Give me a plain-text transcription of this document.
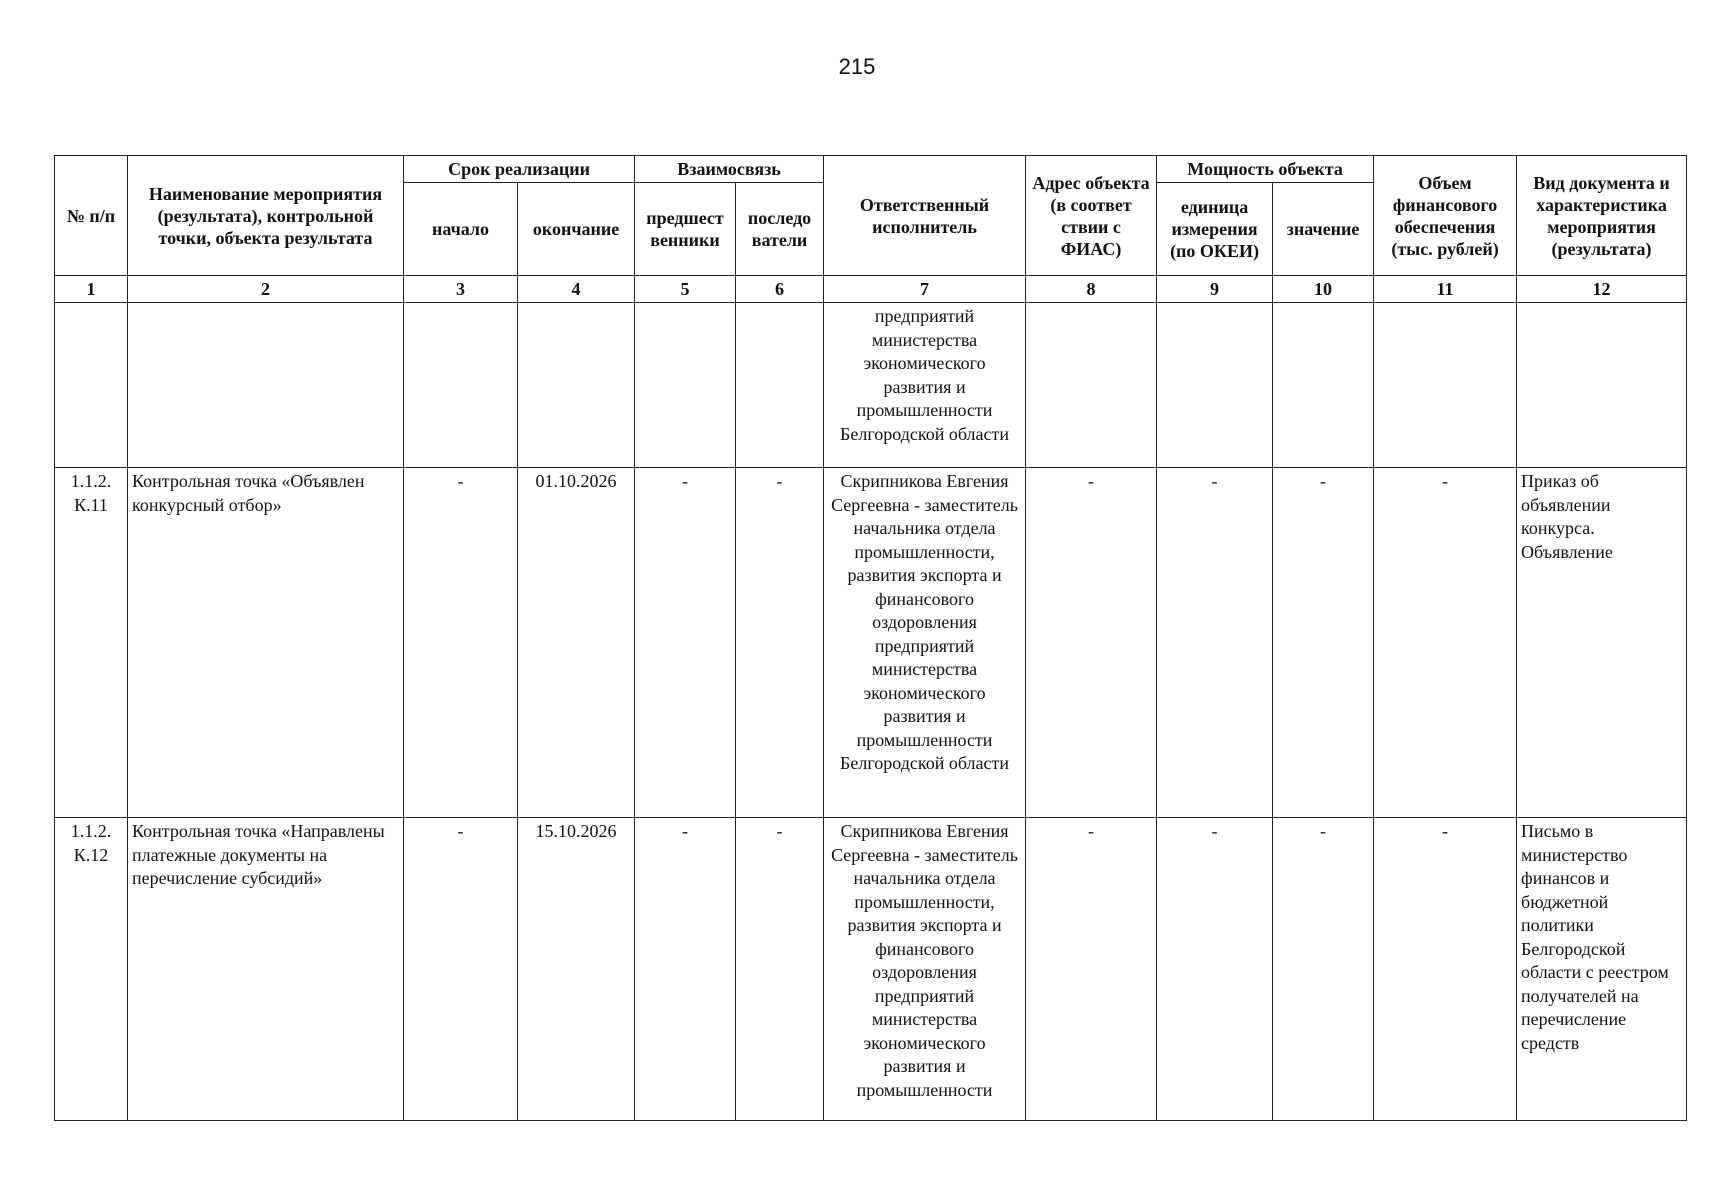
215
№ п/п	Наименование мероприятия (результата), контрольной точки, объекта результата	Срок реализации		Взаимосвязь		Ответственный исполнитель	Адрес объекта (в соответ ствии с ФИАС)	Мощность объекта		Объем финансового обеспечения (тыс. рублей)	Вид документа и характеристика мероприятия (результата)
		начало	окончание	предшест венники	последо ватели			единица измерения (по ОКЕИ)	значение		
1	2	3	4	5	6	7	8	9	10	11	12
						предприятий министерства экономического развития и промышленности Белгородской области					
1.1.2. К.11	Контрольная точка «Объявлен конкурсный отбор»	-	01.10.2026	-	-	Скрипникова Евгения Сергеевна - заместитель начальника отдела промышленности, развития экспорта и финансового оздоровления предприятий министерства экономического развития и промышленности Белгородской области	-	-	-	-	Приказ об объявлении конкурса. Объявление
1.1.2. К.12	Контрольная точка «Направлены платежные документы на перечисление субсидий»	-	15.10.2026	-	-	Скрипникова Евгения Сергеевна - заместитель начальника отдела промышленности, развития экспорта и финансового оздоровления предприятий министерства экономического развития и промышленности	-	-	-	-	Письмо в министерство финансов и бюджетной политики Белгородской области с реестром получателей на перечисление средств
